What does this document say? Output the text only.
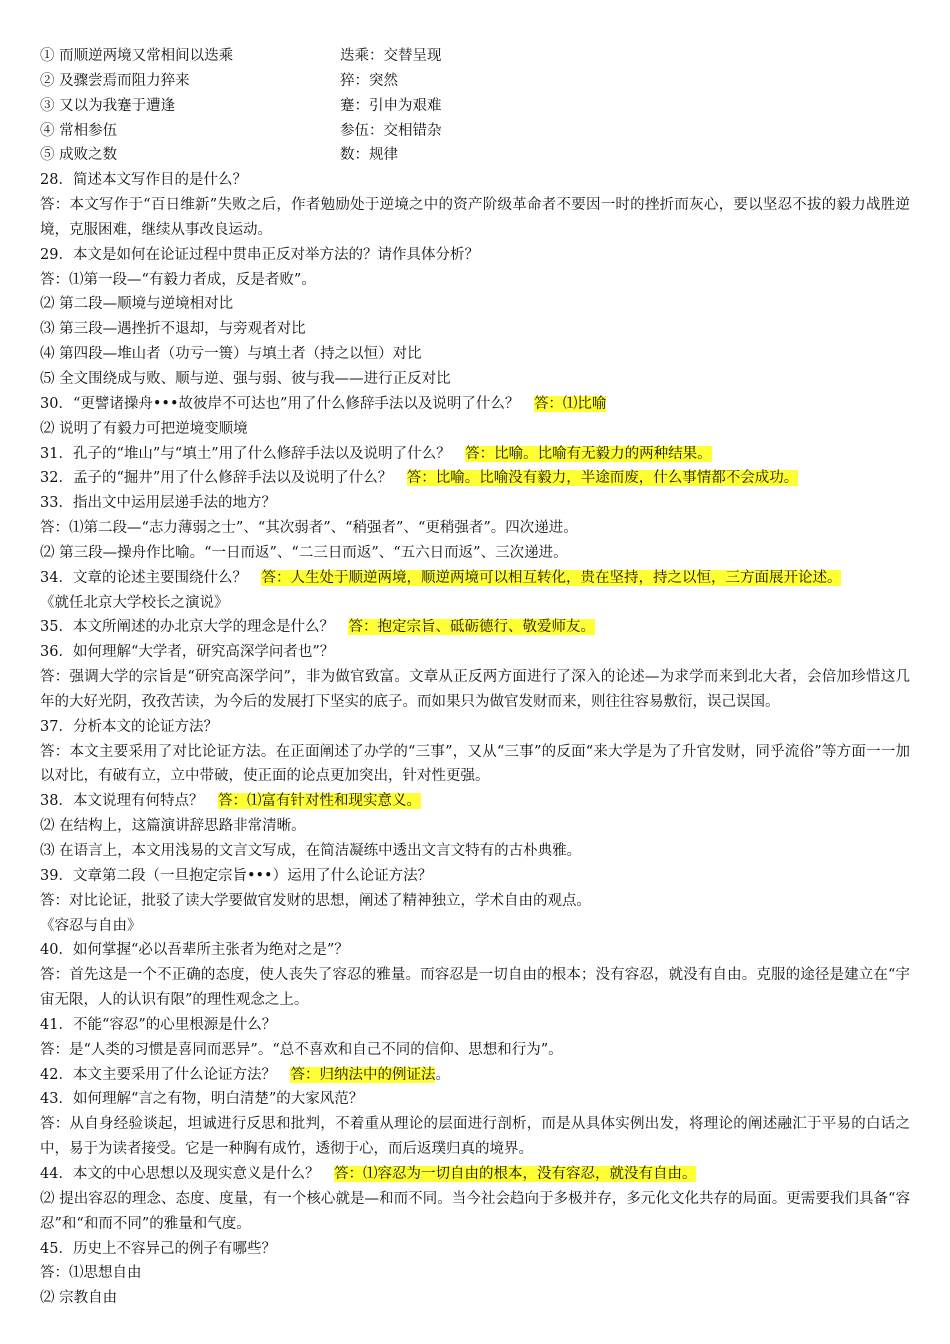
① 而顺逆两境又常相间以迭乘	迭乘：交替呈现
② 及骤尝焉而阻力猝来	猝：突然
③ 又以为我蹇于遭逢	蹇：引申为艰难
④ 常相参伍	参伍：交相错杂
⑤ 成败之数	数：规律
28．简述本文写作目的是什么？
答：本文写作于“百日维新”失败之后，作者勉励处于逆境之中的资产阶级革命者不要因一时的挫折而灰心，要以坚忍不拔的毅力战胜逆境，克服困难，继续从事改良运动。
29．本文是如何在论证过程中贯串正反对举方法的？请作具体分析？
答：⑴第一段—“有毅力者成，反是者败”。
⑵ 第二段—顺境与逆境相对比
⑶ 第三段—遇挫折不退却，与旁观者对比
⑷ 第四段—堆山者（功亏一篑）与填土者（持之以恒）对比
⑸ 全文围绕成与败、顺与逆、强与弱、彼与我——进行正反对比
30．“更譬诸操舟•••故彼岸不可达也”用了什么修辞手法以及说明了什么？  答：⑴比喻
⑵ 说明了有毅力可把逆境变顺境
31．孔子的“堆山”与“填土”用了什么修辞手法以及说明了什么？  答：比喻。比喻有无毅力的两种结果。
32．孟子的“掘井”用了什么修辞手法以及说明了什么？  答：比喻。比喻没有毅力，半途而废，什么事情都不会成功。
33．指出文中运用层递手法的地方？
答：⑴第二段—“志力薄弱之士”、“其次弱者”、“稍强者”、“更稍强者”。四次递进。
⑵ 第三段—操舟作比喻。“一日而返”、“二三日而返”、“五六日而返”、三次递进。
34．文章的论述主要围绕什么？  答：人生处于顺逆两境，顺逆两境可以相互转化，贵在坚持，持之以恒，三方面展开论述。
《就任北京大学校长之演说》
35．本文所阐述的办北京大学的理念是什么？  答：抱定宗旨、砥砺德行、敬爱师友。
36．如何理解“大学者，研究高深学问者也”？
答：强调大学的宗旨是“研究高深学问”，非为做官致富。文章从正反两方面进行了深入的论述—为求学而来到北大者，会倍加珍惜这几年的大好光阴，孜孜苦读，为今后的发展打下坚实的底子。而如果只为做官发财而来，则往往容易敷衍，误己误国。
37．分析本文的论证方法？
答：本文主要采用了对比论证方法。在正面阐述了办学的“三事”，又从“三事”的反面“来大学是为了升官发财，同乎流俗”等方面一一加以对比，有破有立，立中带破，使正面的论点更加突出，针对性更强。
38．本文说理有何特点？  答：⑴富有针对性和现实意义。
⑵ 在结构上，这篇演讲辞思路非常清晰。
⑶ 在语言上，本文用浅易的文言文写成，在简洁凝练中透出文言文特有的古朴典雅。
39．文章第二段（一旦抱定宗旨•••）运用了什么论证方法？
答：对比论证，批驳了读大学要做官发财的思想，阐述了精神独立，学术自由的观点。
《容忍与自由》
40．如何掌握“必以吾辈所主张者为绝对之是”？
答：首先这是一个不正确的态度，使人丧失了容忍的雅量。而容忍是一切自由的根本；没有容忍，就没有自由。克服的途径是建立在“宇宙无限，人的认识有限”的理性观念之上。
41．不能“容忍”的心里根源是什么？
答：是“人类的习惯是喜同而恶异”。“总不喜欢和自己不同的信仰、思想和行为”。
42．本文主要采用了什么论证方法？  答：归纳法中的例证法。
43．如何理解“言之有物，明白清楚”的大家风范？
答：从自身经验谈起，坦诚进行反思和批判，不着重从理论的层面进行剖析，而是从具体实例出发，将理论的阐述融汇于平易的白话之中，易于为读者接受。它是一种胸有成竹，透彻于心，而后返璞归真的境界。
44．本文的中心思想以及现实意义是什么？  答：⑴容忍为一切自由的根本，没有容忍，就没有自由。
⑵ 提出容忍的理念、态度、度量，有一个核心就是—和而不同。当今社会趋向于多极并存，多元化文化共存的局面。更需要我们具备“容忍”和“和而不同”的雅量和气度。
45．历史上不容异己的例子有哪些？
答：⑴思想自由
⑵ 宗教自由
